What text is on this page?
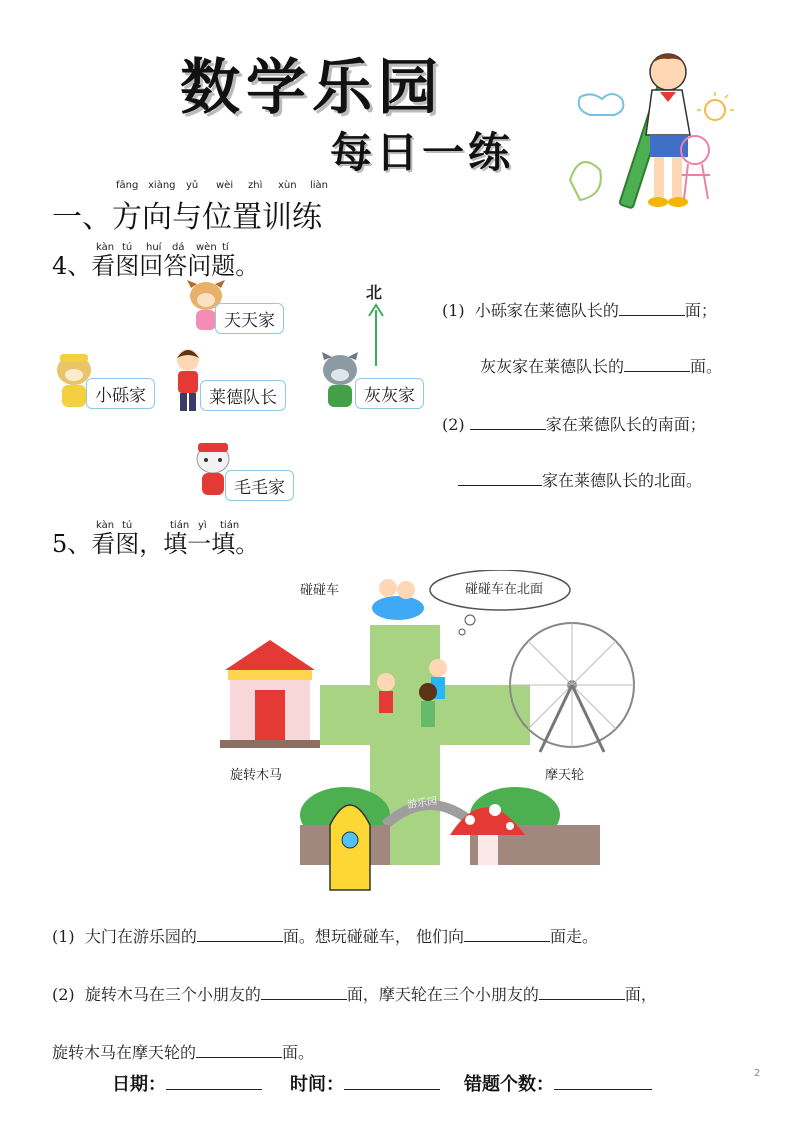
数学乐园
每日一练
fāng xiàng yǔ wèi zhì xùn liàn
一、方向与位置训练
kàn tú huí dá wèn tí
4、看图回答问题。
天天家
小砾家	莱德队长	灰灰家
毛毛家
北
(1) 小砾家在莱德队长的	面；
灰灰家在莱德队长的	面。
(2)	家在莱德队长的南面；
家在莱德队长的北面。
kàn tú	tián yì tián
5、看图，填一填。
碰碰车	碰碰车在北面
旋转木马	摩天轮
游乐园
(1) 大门在游乐园的	面。想玩碰碰车， 他们向	面走。
(2) 旋转木马在三个小朋友的	面，摩天轮在三个小朋友的	面，
旋转木马在摩天轮的	面。
日期：	时间：	错题个数：
2
